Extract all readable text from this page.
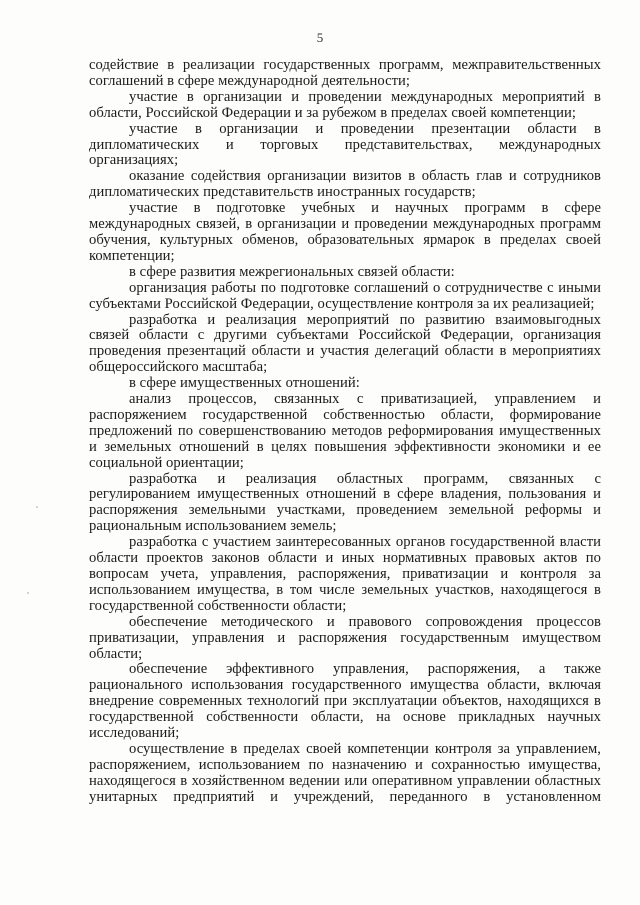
5

содействие в реализации государственных программ, межправительственных соглашений в сфере международной деятельности;

участие в организации и проведении международных мероприятий в области, Российской Федерации и за рубежом в пределах своей компетенции;

участие в организации и проведении презентации области в дипломатических и торговых представительствах, международных организациях;

оказание содействия организации визитов в область глав и сотрудников дипломатических представительств иностранных государств;

участие в подготовке учебных и научных программ в сфере международных связей, в организации и проведении международных программ обучения, культурных обменов, образовательных ярмарок в пределах своей компетенции;

в сфере развития межрегиональных связей области:

организация работы по подготовке соглашений о сотрудничестве с иными субъектами Российской Федерации, осуществление контроля за их реализацией;

разработка и реализация мероприятий по развитию взаимовыгодных связей области с другими субъектами Российской Федерации, организация проведения презентаций области и участия делегаций области в мероприятиях общероссийского масштаба;

в сфере имущественных отношений:

анализ процессов, связанных с приватизацией, управлением и распоряжением государственной собственностью области, формирование предложений по совершенствованию методов реформирования имущественных и земельных отношений в целях повышения эффективности экономики и ее социальной ориентации;

разработка и реализация областных программ, связанных с регулированием имущественных отношений в сфере владения, пользования и распоряжения земельными участками, проведением земельной реформы и рациональным использованием земель;

разработка с участием заинтересованных органов государственной власти области проектов законов области и иных нормативных правовых актов по вопросам учета, управления, распоряжения, приватизации и контроля за использованием имущества, в том числе земельных участков, находящегося в государственной собственности области;

обеспечение методического и правового сопровождения процессов приватизации, управления и распоряжения государственным имуществом области;

обеспечение эффективного управления, распоряжения, а также рационального использования государственного имущества области, включая внедрение современных технологий при эксплуатации объектов, находящихся в государственной собственности области, на основе прикладных научных исследований;

осуществление в пределах своей компетенции контроля за управлением, распоряжением, использованием по назначению и сохранностью имущества, находящегося в хозяйственном ведении или оперативном управлении областных унитарных предприятий и учреждений, переданного в установленном
